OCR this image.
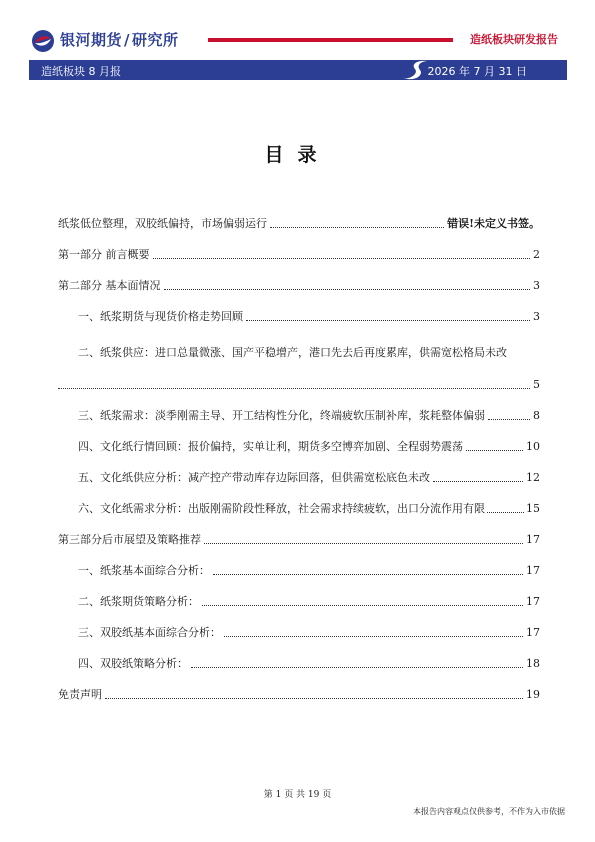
银河期货 / 研究所	造纸板块研发报告
造纸板块 8 月报	2026 年 7 月 31 日
目录
纸浆低位整理，双胶纸偏持，市场偏弱运行	错误!未定义书签。
第一部分 前言概要	2
第二部分 基本面情况	3
一、纸浆期货与现货价格走势回顾	3
二、纸浆供应：进口总量微涨、国产平稳增产，港口先去后再度累库，供需宽松格局未改
5
三、纸浆需求：淡季刚需主导、开工结构性分化，终端疲软压制补库，浆耗整体偏弱	8
四、文化纸行情回顾：报价偏持，实单让利，期货多空博弈加剧、全程弱势震荡	10
五、文化纸供应分析：减产控产带动库存边际回落，但供需宽松底色未改	12
六、文化纸需求分析：出版刚需阶段性释放，社会需求持续疲软，出口分流作用有限	15
第三部分后市展望及策略推荐	17
一、纸浆基本面综合分析：	17
二、纸浆期货策略分析：	17
三、双胶纸基本面综合分析：	17
四、双胶纸策略分析：	18
免责声明	19
第 1 页 共 19 页
本报告内容观点仅供参考，不作为入市依据
